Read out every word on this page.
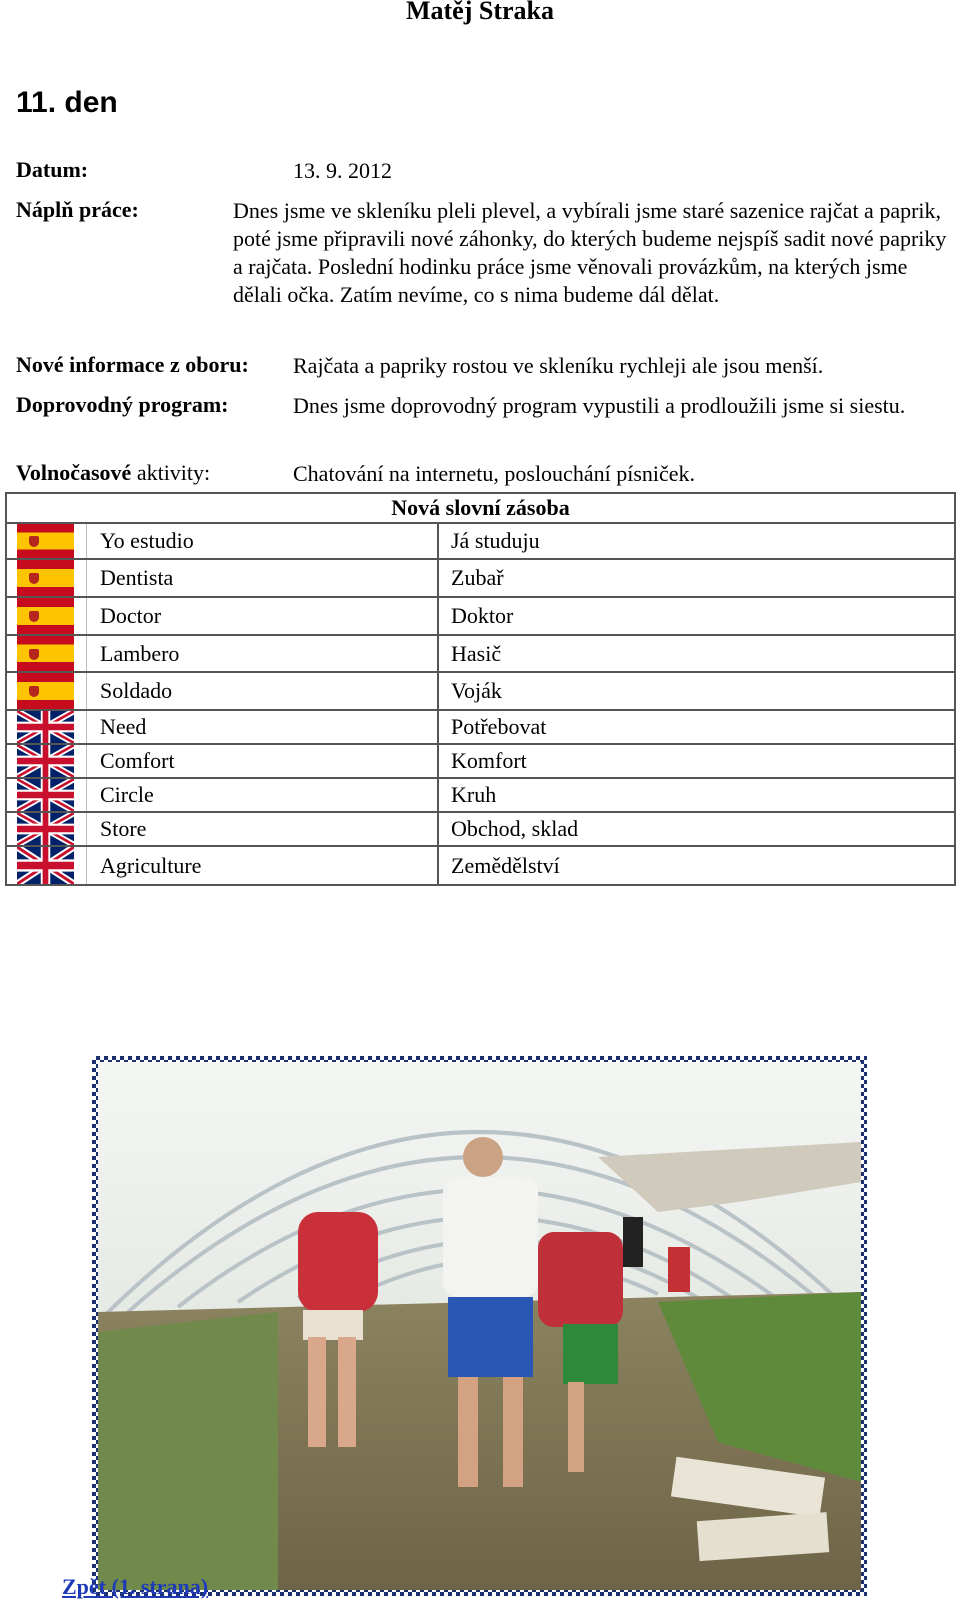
Matěj Straka
11. den
Datum:	13. 9. 2012
Náplň práce:	Dnes jsme ve skleníku pleli plevel, a vybírali jsme staré sazenice rajčat a paprik, poté jsme připravili nové záhonky, do kterých budeme nejspíš sadit nové papriky a rajčata. Poslední hodinku práce jsme věnovali provázkům, na kterých jsme dělali očka. Zatím nevíme, co s nima budeme dál dělat.
Nové informace z oboru: Rajčata a papriky rostou ve skleníku rychleji ale jsou menší.
Doprovodný program:	Dnes jsme doprovodný program vypustili a prodloužili jsme si siestu.
Volnočasové aktivity:	Chatování na internetu, poslouchání písniček.
Nová slovní zásoba
Yo estudio	Já studuju
Dentista	Zubař
Doctor	Doktor
Lambero	Hasič
Soldado	Voják
Need	Potřebovat
Comfort	Komfort
Circle	Kruh
Store	Obchod, sklad
Agriculture	Zemědělství
Zpět (1. strana)
